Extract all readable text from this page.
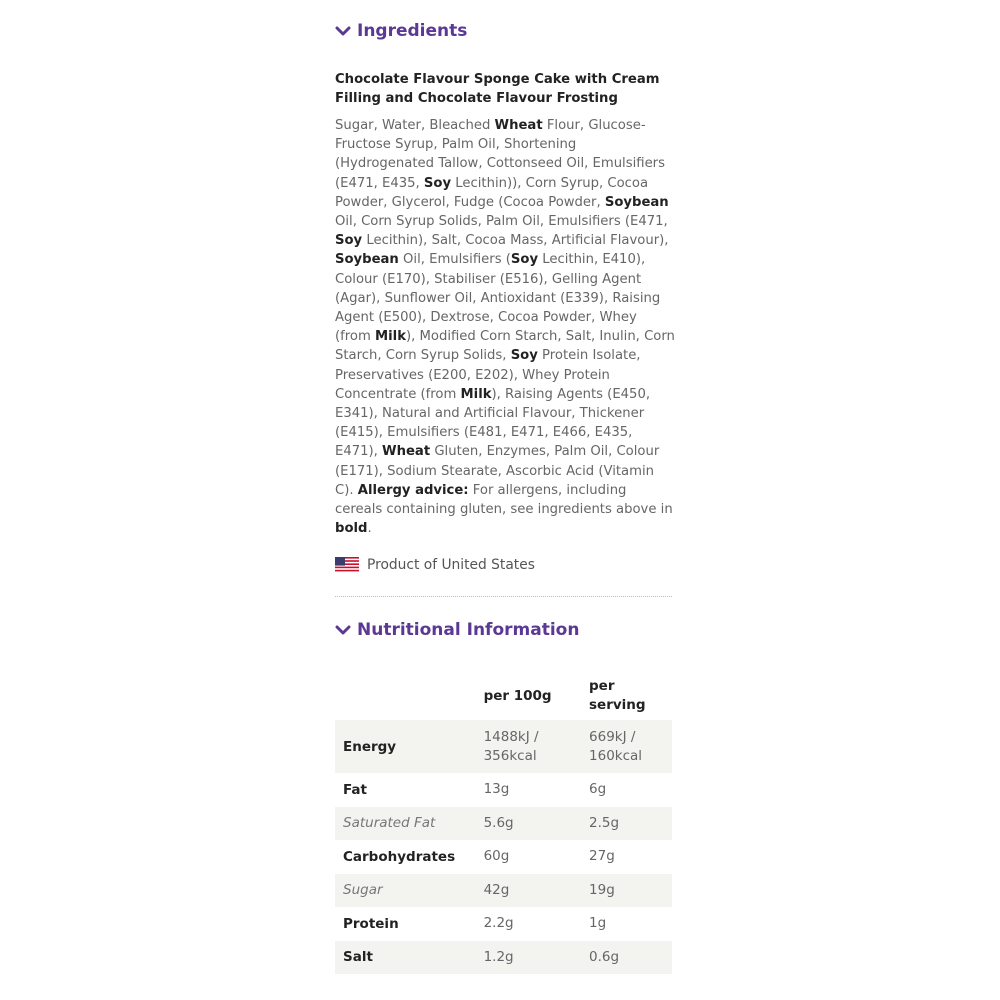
Ingredients
Chocolate Flavour Sponge Cake with Cream Filling and Chocolate Flavour Frosting
Sugar, Water, Bleached Wheat Flour, Glucose-Fructose Syrup, Palm Oil, Shortening (Hydrogenated Tallow, Cottonseed Oil, Emulsifiers (E471, E435, Soy Lecithin)), Corn Syrup, Cocoa Powder, Glycerol, Fudge (Cocoa Powder, Soybean Oil, Corn Syrup Solids, Palm Oil, Emulsifiers (E471, Soy Lecithin), Salt, Cocoa Mass, Artificial Flavour), Soybean Oil, Emulsifiers (Soy Lecithin, E410), Colour (E170), Stabiliser (E516), Gelling Agent (Agar), Sunflower Oil, Antioxidant (E339), Raising Agent (E500), Dextrose, Cocoa Powder, Whey (from Milk), Modified Corn Starch, Salt, Inulin, Corn Starch, Corn Syrup Solids, Soy Protein Isolate, Preservatives (E200, E202), Whey Protein Concentrate (from Milk), Raising Agents (E450, E341), Natural and Artificial Flavour, Thickener (E415), Emulsifiers (E481, E471, E466, E435, E471), Wheat Gluten, Enzymes, Palm Oil, Colour (E171), Sodium Stearate, Ascorbic Acid (Vitamin C). Allergy advice: For allergens, including cereals containing gluten, see ingredients above in bold.
Product of United States
Nutritional Information
	per 100g	per serving
Energy	1488kJ / 356kcal	669kJ / 160kcal
Fat	13g	6g
Saturated Fat	5.6g	2.5g
Carbohydrates	60g	27g
Sugar	42g	19g
Protein	2.2g	1g
Salt	1.2g	0.6g
